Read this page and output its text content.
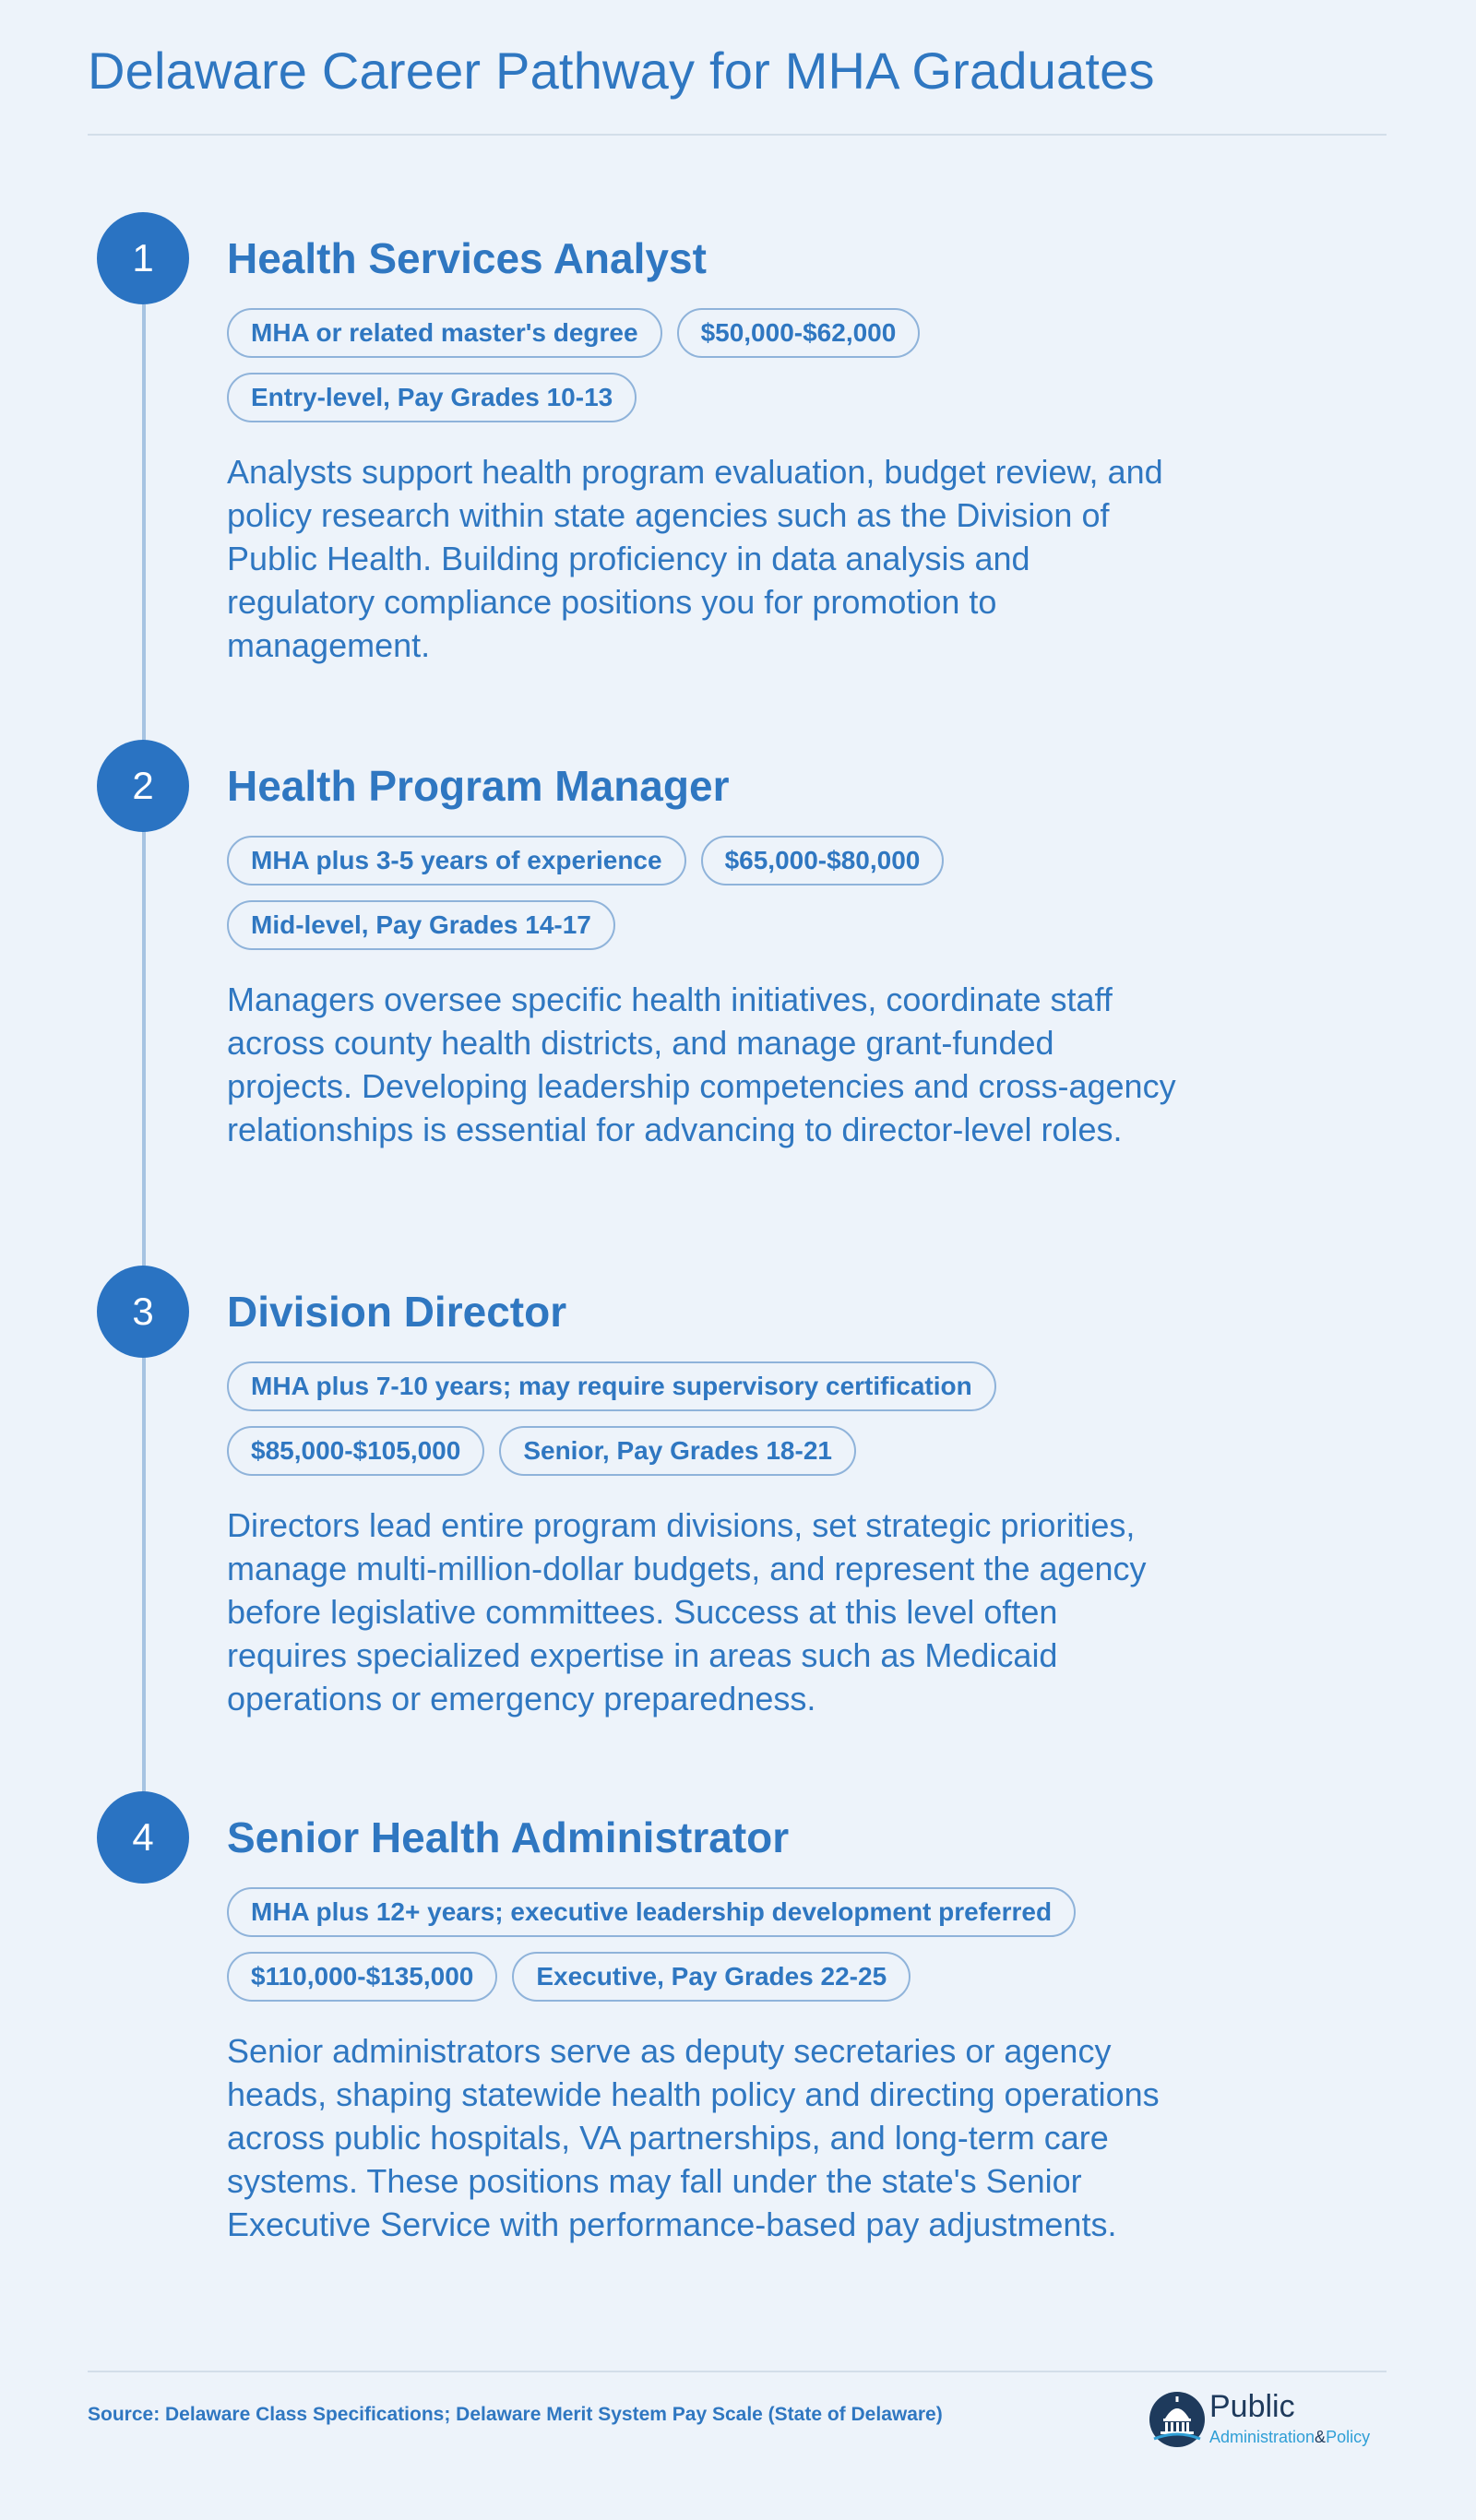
Delaware Career Pathway for MHA Graduates
1	Health Services Analyst
MHA or related master's degree	$50,000-$62,000
Entry-level, Pay Grades 10-13

Analysts support health program evaluation, budget review, and policy research within state agencies such as the Division of Public Health. Building proficiency in data analysis and regulatory compliance positions you for promotion to management.

2	Health Program Manager
MHA plus 3-5 years of experience	$65,000-$80,000
Mid-level, Pay Grades 14-17

Managers oversee specific health initiatives, coordinate staff across county health districts, and manage grant-funded projects. Developing leadership competencies and cross-agency relationships is essential for advancing to director-level roles.

3	Division Director
MHA plus 7-10 years; may require supervisory certification
$85,000-$105,000	Senior, Pay Grades 18-21

Directors lead entire program divisions, set strategic priorities, manage multi-million-dollar budgets, and represent the agency before legislative committees. Success at this level often requires specialized expertise in areas such as Medicaid operations or emergency preparedness.

4	Senior Health Administrator
MHA plus 12+ years; executive leadership development preferred
$110,000-$135,000	Executive, Pay Grades 22-25

Senior administrators serve as deputy secretaries or agency heads, shaping statewide health policy and directing operations across public hospitals, VA partnerships, and long-term care systems. These positions may fall under the state's Senior Executive Service with performance-based pay adjustments.

Source: Delaware Class Specifications; Delaware Merit System Pay Scale (State of Delaware)	Public
Administration&Policy
